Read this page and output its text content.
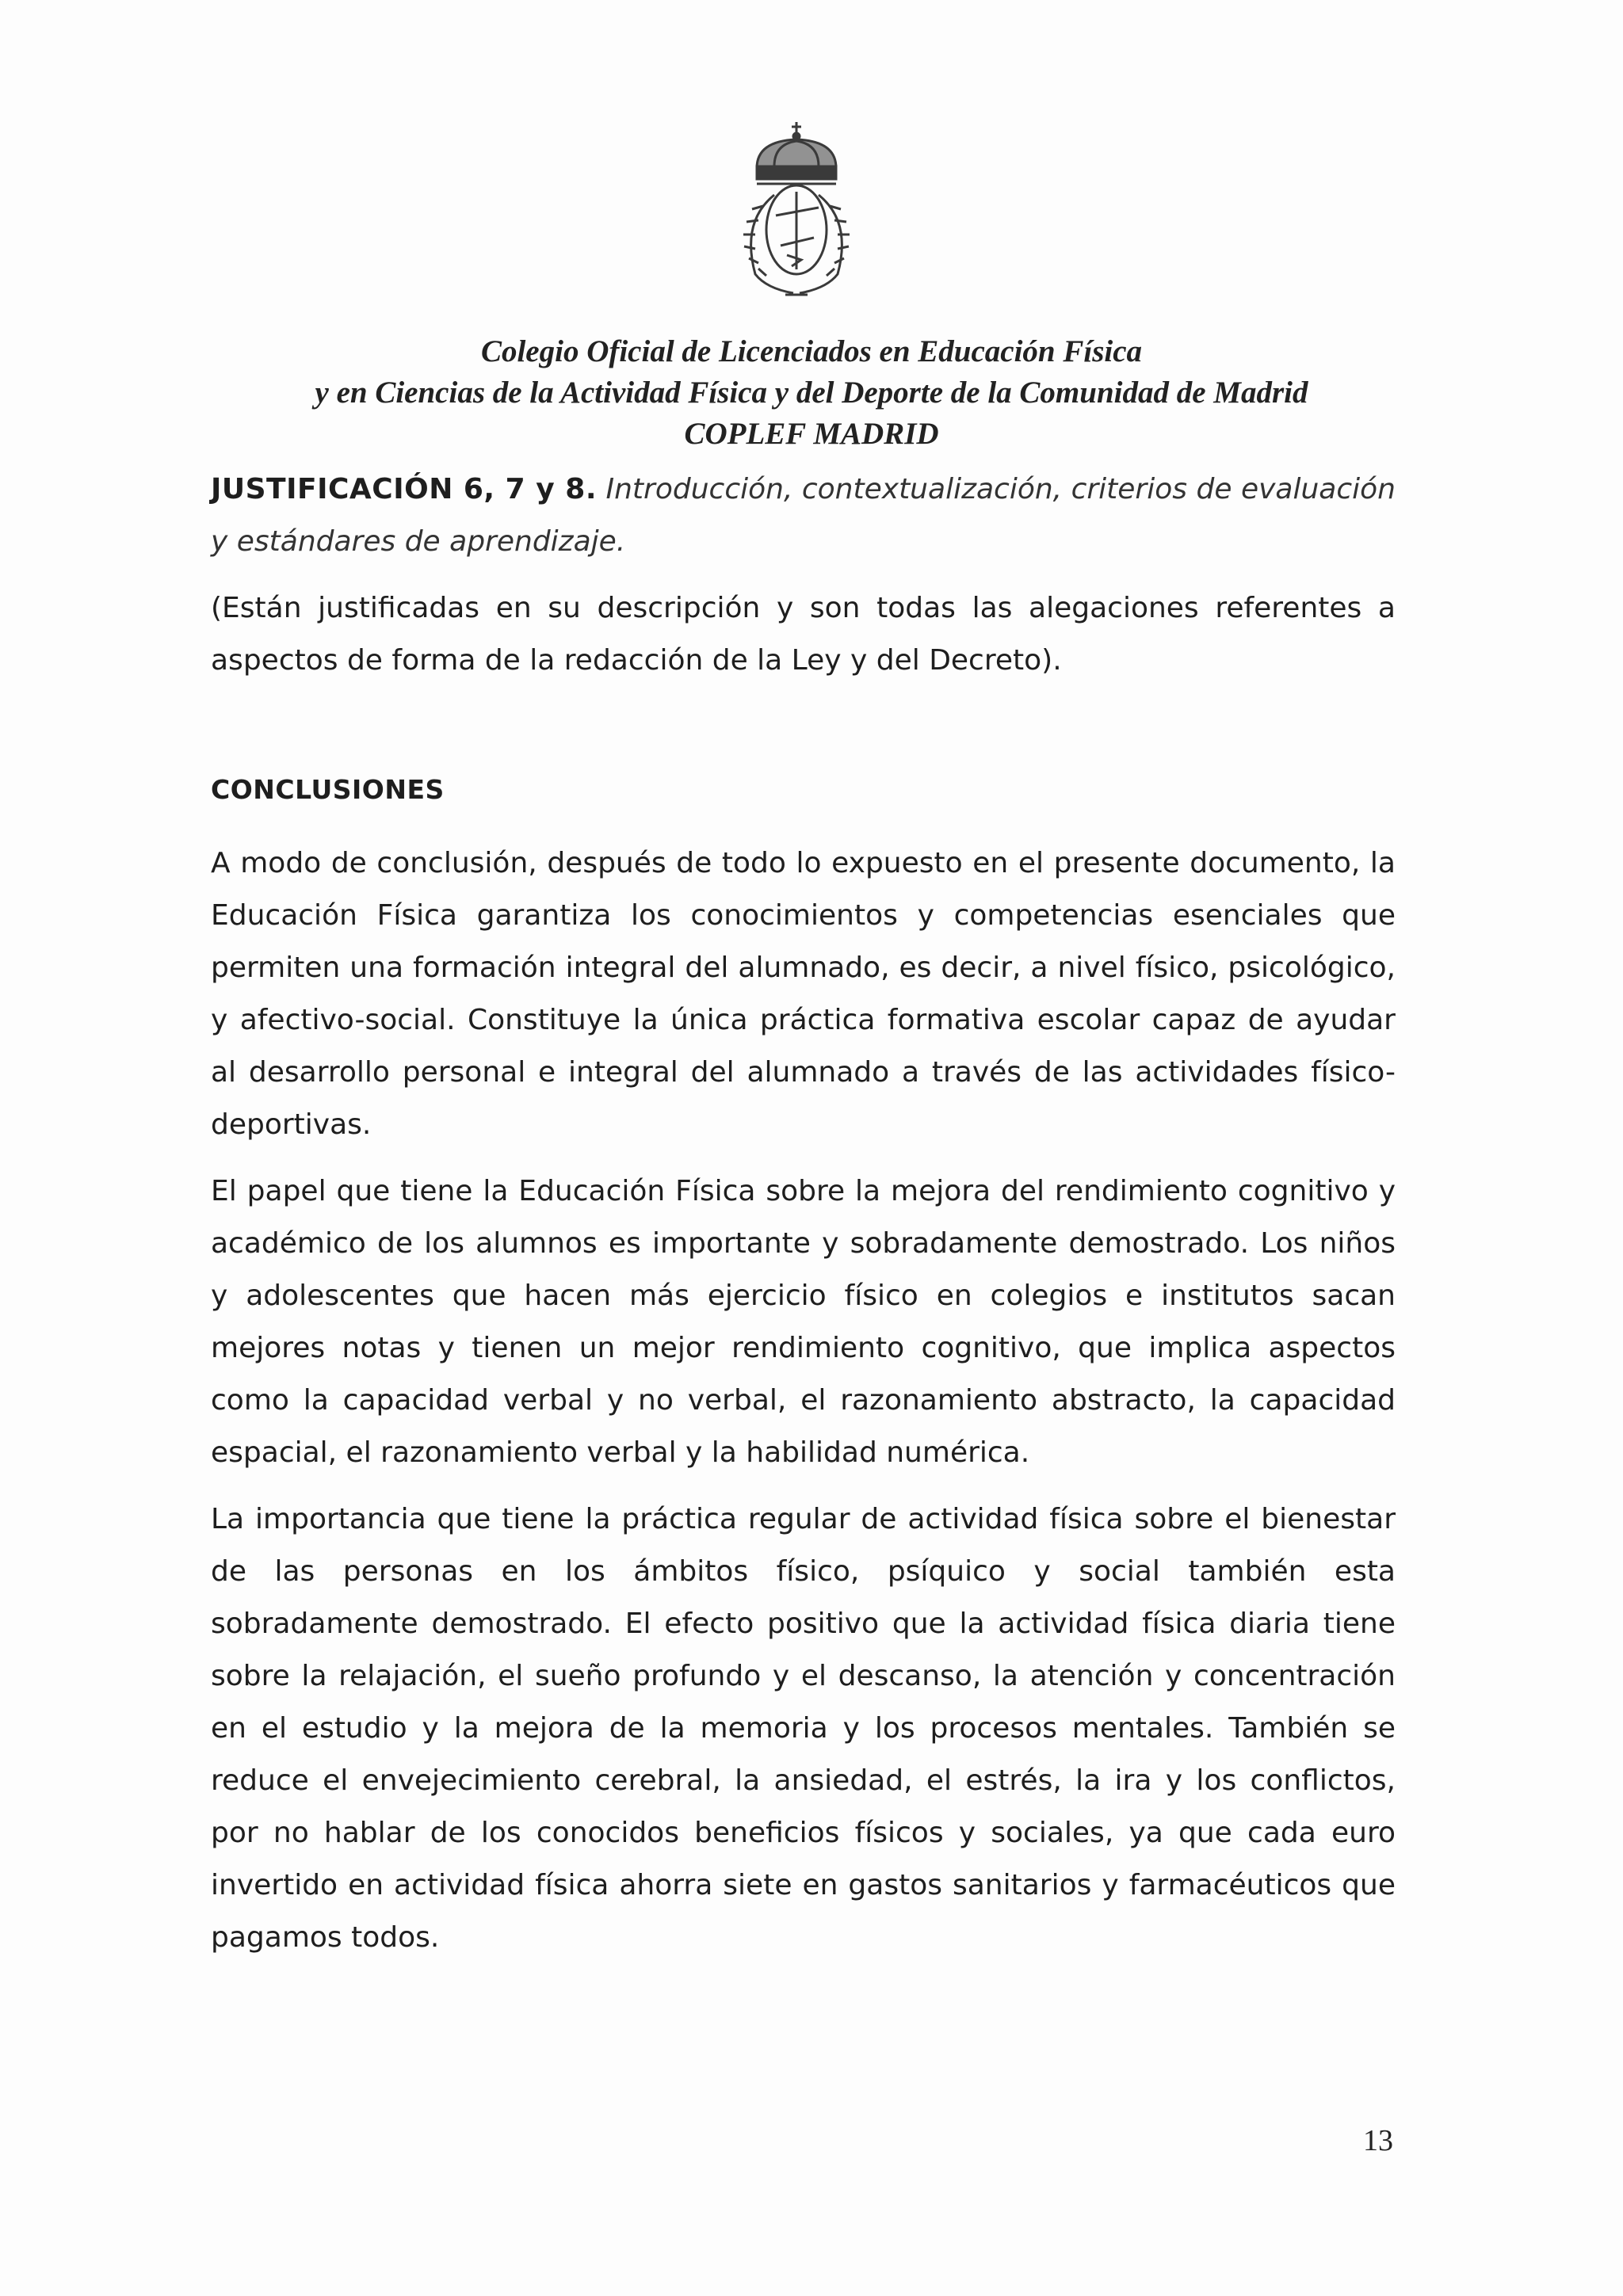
Colegio Oficial de Licenciados en Educación Física
y en Ciencias de la Actividad Física y del Deporte de la Comunidad de Madrid
COPLEF MADRID

JUSTIFICACIÓN 6, 7 y 8. Introducción, contextualización, criterios de evaluación y estándares de aprendizaje.

(Están justificadas en su descripción y son todas las alegaciones referentes a aspectos de forma de la redacción de la Ley y del Decreto).

CONCLUSIONES

A modo de conclusión, después de todo lo expuesto en el presente documento, la Educación Física garantiza los conocimientos y competencias esenciales que permiten una formación integral del alumnado, es decir, a nivel físico, psicológico, y afectivo-social. Constituye la única práctica formativa escolar capaz de ayudar al desarrollo personal e integral del alumnado a través de las actividades físico-deportivas.

El papel que tiene la Educación Física sobre la mejora del rendimiento cognitivo y académico de los alumnos es importante y sobradamente demostrado. Los niños y adolescentes que hacen más ejercicio físico en colegios e institutos sacan mejores notas y tienen un mejor rendimiento cognitivo, que implica aspectos como la capacidad verbal y no verbal, el razonamiento abstracto, la capacidad espacial, el razonamiento verbal y la habilidad numérica.

La importancia que tiene la práctica regular de actividad física sobre el bienestar de las personas en los ámbitos físico, psíquico y social también esta sobradamente demostrado. El efecto positivo que la actividad física diaria tiene sobre la relajación, el sueño profundo y el descanso, la atención y concentración en el estudio y la mejora de la memoria y los procesos mentales. También se reduce el envejecimiento cerebral, la ansiedad, el estrés, la ira y los conflictos, por no hablar de los conocidos beneficios físicos y sociales, ya que cada euro invertido en actividad física ahorra siete en gastos sanitarios y farmacéuticos que pagamos todos.

13
